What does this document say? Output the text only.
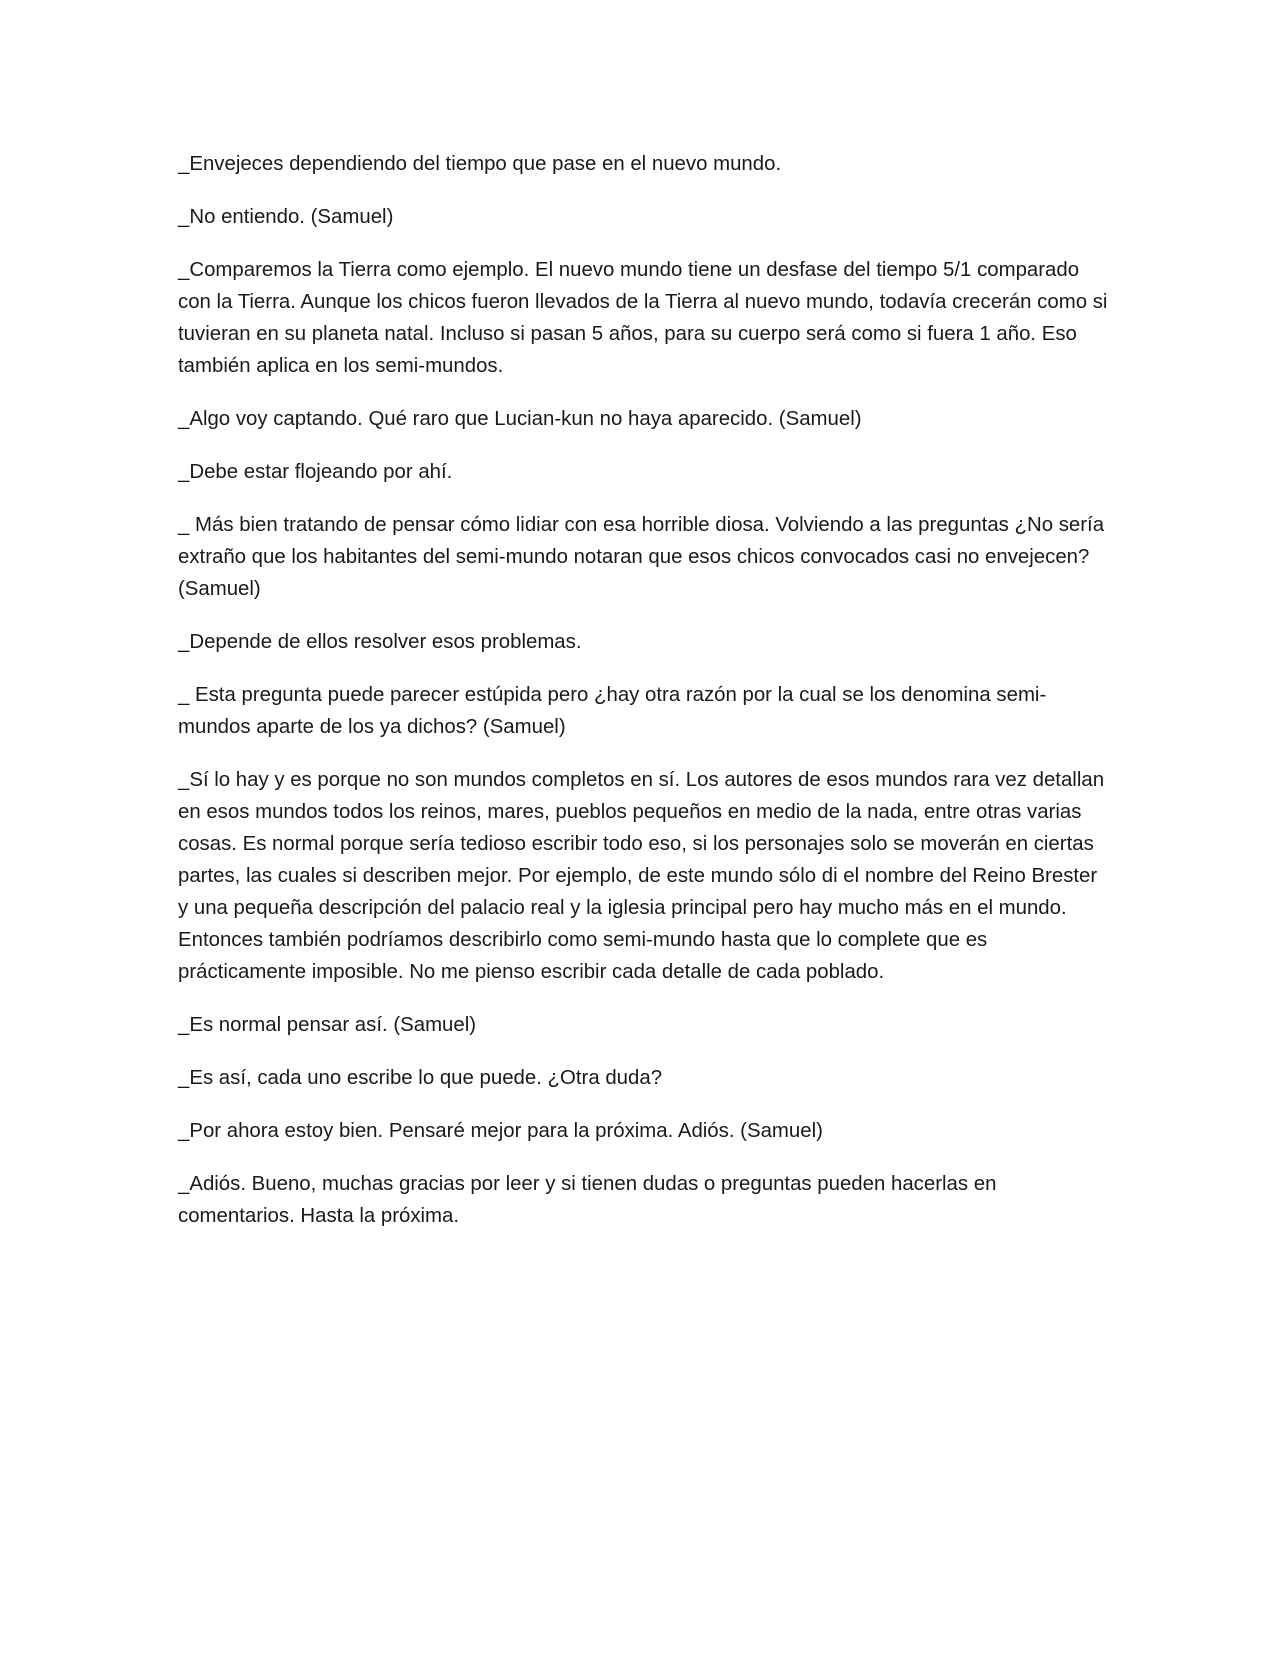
_Envejeces dependiendo del tiempo que pase en el nuevo mundo.

_No entiendo. (Samuel)

_Comparemos la Tierra como ejemplo. El nuevo mundo tiene un desfase del tiempo 5/1 comparado con la Tierra. Aunque los chicos fueron llevados de la Tierra al nuevo mundo, todavía crecerán como si tuvieran en su planeta natal. Incluso si pasan 5 años, para su cuerpo será como si fuera 1 año. Eso también aplica en los semi-mundos.

_Algo voy captando. Qué raro que Lucian-kun no haya aparecido. (Samuel)

_Debe estar flojeando por ahí.

_ Más bien tratando de pensar cómo lidiar con esa horrible diosa. Volviendo a las preguntas ¿No sería extraño que los habitantes del semi-mundo notaran que esos chicos convocados casi no envejecen? (Samuel)

_Depende de ellos resolver esos problemas.

_ Esta pregunta puede parecer estúpida pero ¿hay otra razón por la cual se los denomina semi-mundos aparte de los ya dichos? (Samuel)

_Sí lo hay y es porque no son mundos completos en sí. Los autores de esos mundos rara vez detallan en esos mundos todos los reinos, mares, pueblos pequeños en medio de la nada, entre otras varias cosas. Es normal porque sería tedioso escribir todo eso, si los personajes solo se moverán en ciertas partes, las cuales si describen mejor. Por ejemplo, de este mundo sólo di el nombre del Reino Brester y una pequeña descripción del palacio real y la iglesia principal pero hay mucho más en el mundo. Entonces también podríamos describirlo como semi-mundo hasta que lo complete que es prácticamente imposible. No me pienso escribir cada detalle de cada poblado.

_Es normal pensar así. (Samuel)

_Es así, cada uno escribe lo que puede. ¿Otra duda?

_Por ahora estoy bien. Pensaré mejor para la próxima. Adiós. (Samuel)

_Adiós. Bueno, muchas gracias por leer y si tienen dudas o preguntas pueden hacerlas en comentarios. Hasta la próxima.
